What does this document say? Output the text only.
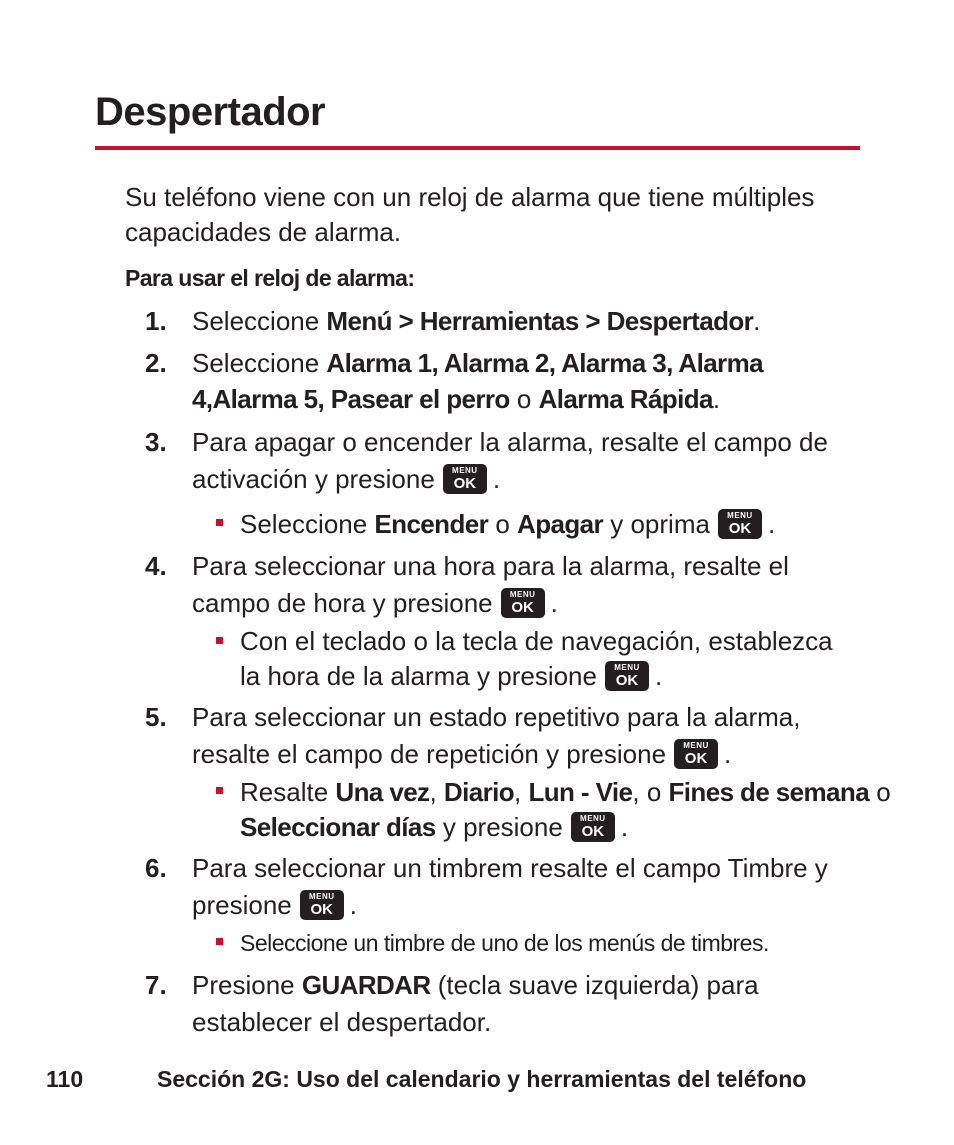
Despertador
Su teléfono viene con un reloj de alarma que tiene múltiples
capacidades de alarma.
Para usar el reloj de alarma:
1. Seleccione Menú > Herramientas > Despertador.
2. Seleccione Alarma 1, Alarma 2, Alarma 3, Alarma
4,Alarma 5, Pasear el perro o Alarma Rápida.
3. Para apagar o encender la alarma, resalte el campo de
activación y presione	MENU
OK .
Seleccione Encender o Apagar y oprima	MENU
OK .
4. Para seleccionar una hora para la alarma, resalte el
campo de hora y presione	MENU
OK .
Con el teclado o la tecla de navegación, establezca
la hora de la alarma y presione	MENU
OK .
5. Para seleccionar un estado repetitivo para la alarma,
resalte el campo de repetición y presione	MENU
OK .
Resalte Una vez, Diario, Lun - Vie, o Fines de semana o
Seleccionar días y presione	MENU
OK .
6. Para seleccionar un timbrem resalte el campo Timbre y
presione	MENU
OK .
Seleccione un timbre de uno de los menús de timbres.
7. Presione GUARDAR (tecla suave izquierda) para
establecer el despertador.
110	Sección 2G: Uso del calendario y herramientas del teléfono
